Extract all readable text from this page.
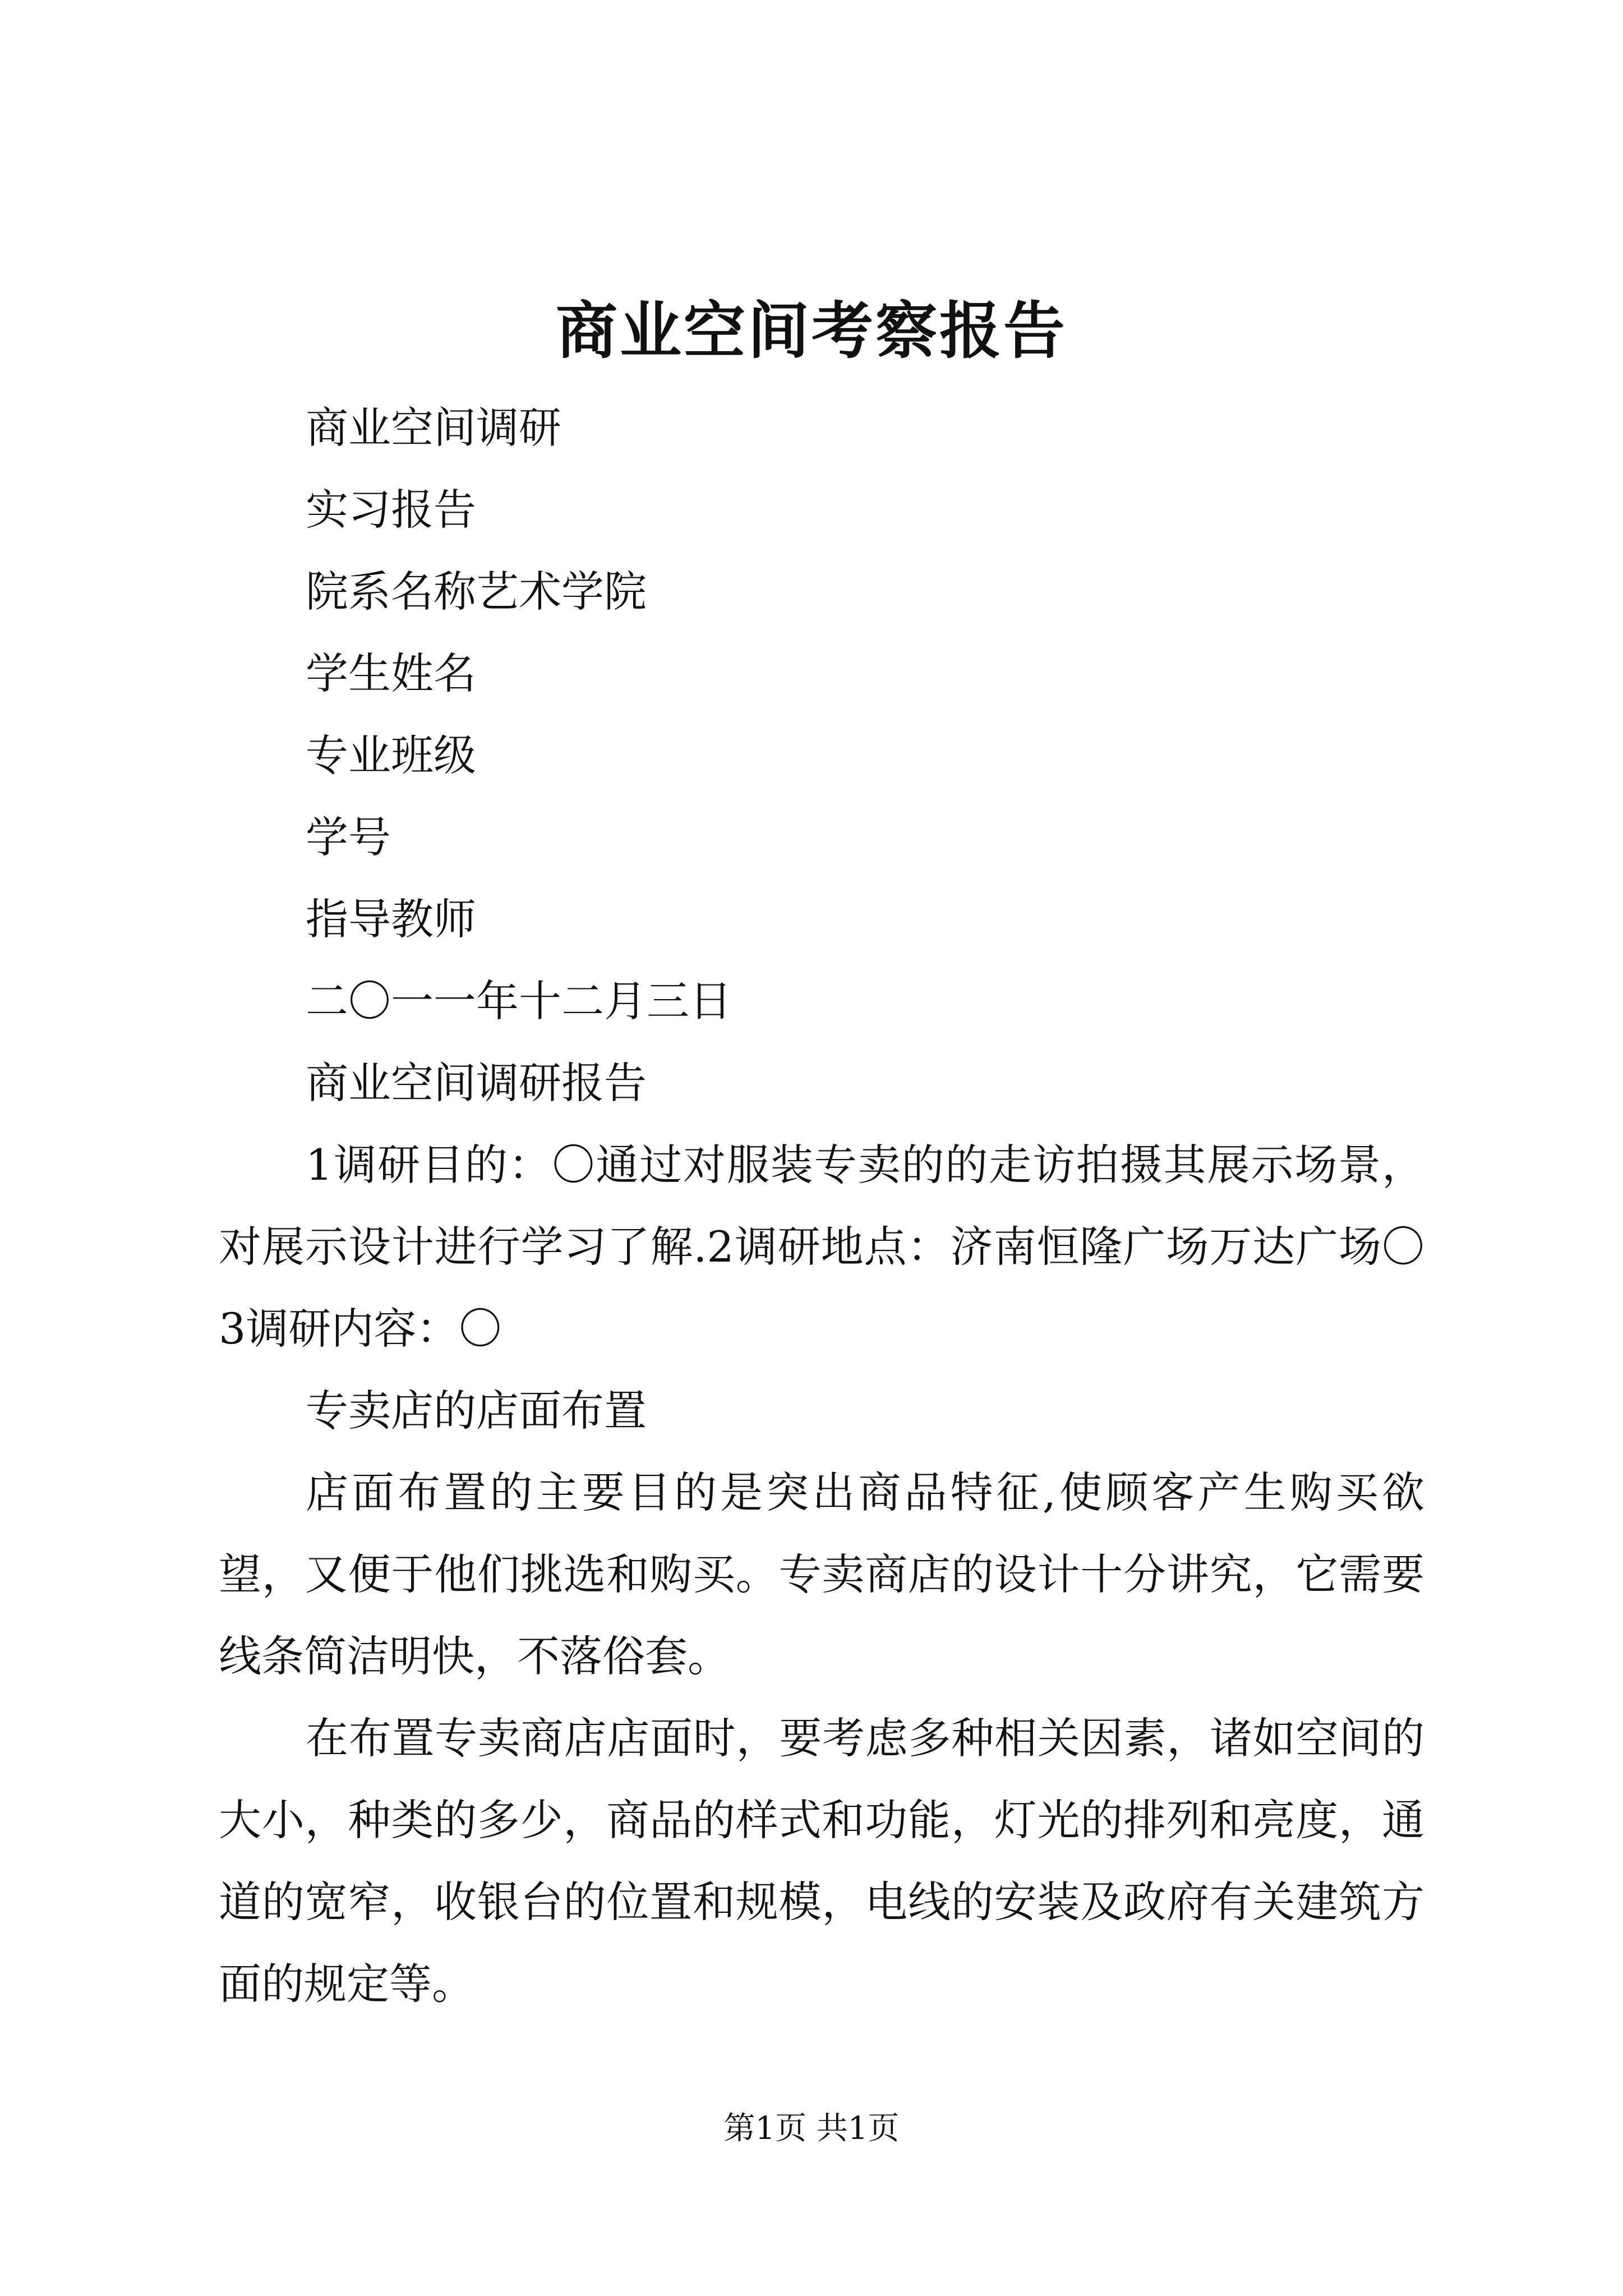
商业空间考察报告

商业空间调研

实习报告

院系名称艺术学院

学生姓名

专业班级

学号

指导教师

二〇一一年十二月三日

商业空间调研报告

1调研目的：〇通过对服装专卖的的走访拍摄其展示场景，对展示设计进行学习了解.2调研地点：济南恒隆广场万达广场〇3调研内容：〇

专卖店的店面布置

店面布置的主要目的是突出商品特征,使顾客产生购买欲望，又便于他们挑选和购买。专卖商店的设计十分讲究，它需要线条简洁明快，不落俗套。

在布置专卖商店店面时，要考虑多种相关因素，诸如空间的大小，种类的多少，商品的样式和功能，灯光的排列和亮度，通道的宽窄，收银台的位置和规模，电线的安装及政府有关建筑方面的规定等。

第1页 共1页
